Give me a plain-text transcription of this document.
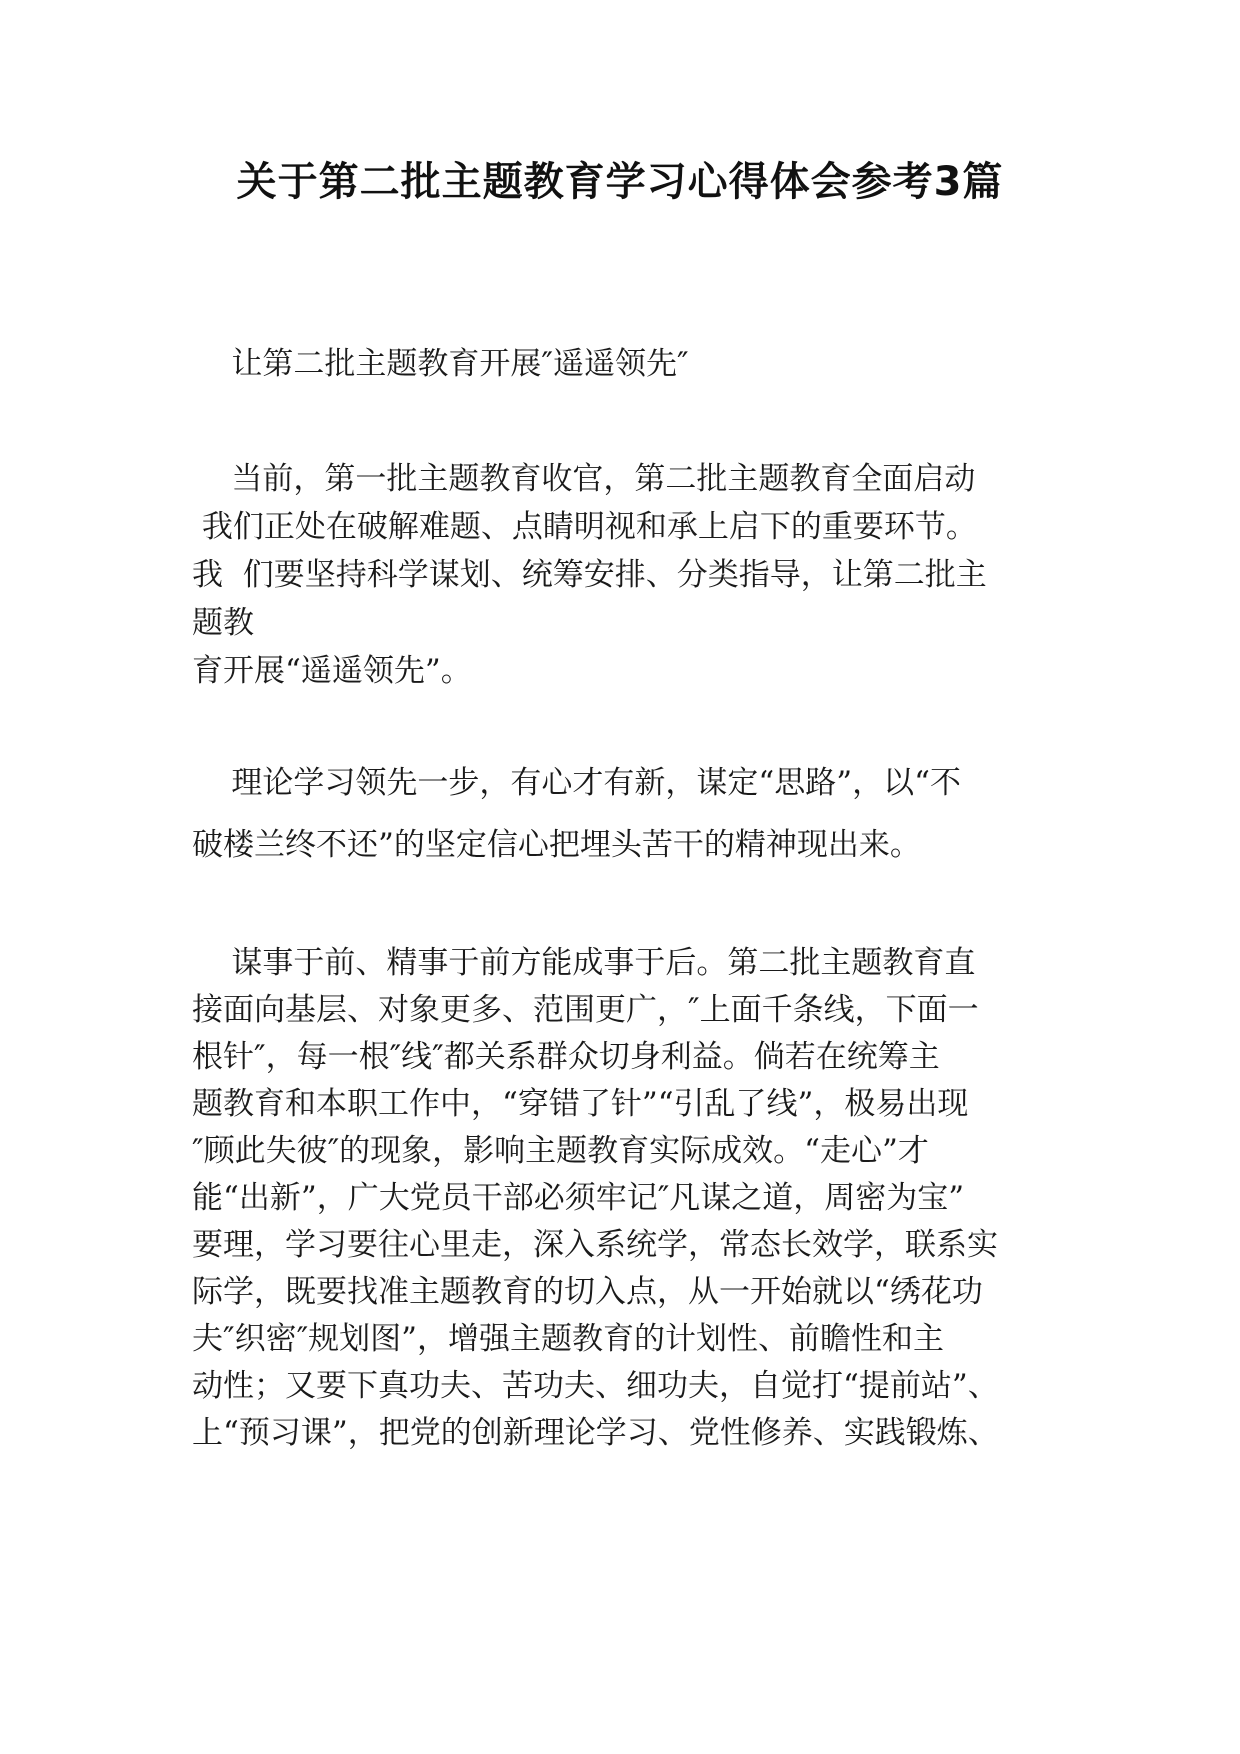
关于第二批主题教育学习心得体会参考3篇

让第二批主题教育开展″遥遥领先″

当前，第一批主题教育收官，第二批主题教育全面启动
我们正处在破解难题、点睛明视和承上启下的重要环节。
我  们要坚持科学谋划、统筹安排、分类指导，让第二批主
题教
育开展“遥遥领先”。
理论学习领先一步，有心才有新，谋定“思路”，以“不
破楼兰终不还”的坚定信心把埋头苦干的精神现出来。
谋事于前、精事于前方能成事于后。第二批主题教育直
接面向基层、对象更多、范围更广，″上面千条线，下面一
根针″，每一根″线″都关系群众切身利益。倘若在统筹主
题教育和本职工作中，“穿错了针”“引乱了线”，极易出现
″顾此失彼″的现象，影响主题教育实际成效。“走心”才
能“出新”，广大党员干部必须牢记″凡谋之道，周密为宝”
要理，学习要往心里走，深入系统学，常态长效学，联系实
际学，既要找准主题教育的切入点，从一开始就以“绣花功
夫″织密″规划图”，增强主题教育的计划性、前瞻性和主
动性；又要下真功夫、苦功夫、细功夫，自觉打“提前站”、
上“预习课”，把党的创新理论学习、党性修养、实践锻炼、
